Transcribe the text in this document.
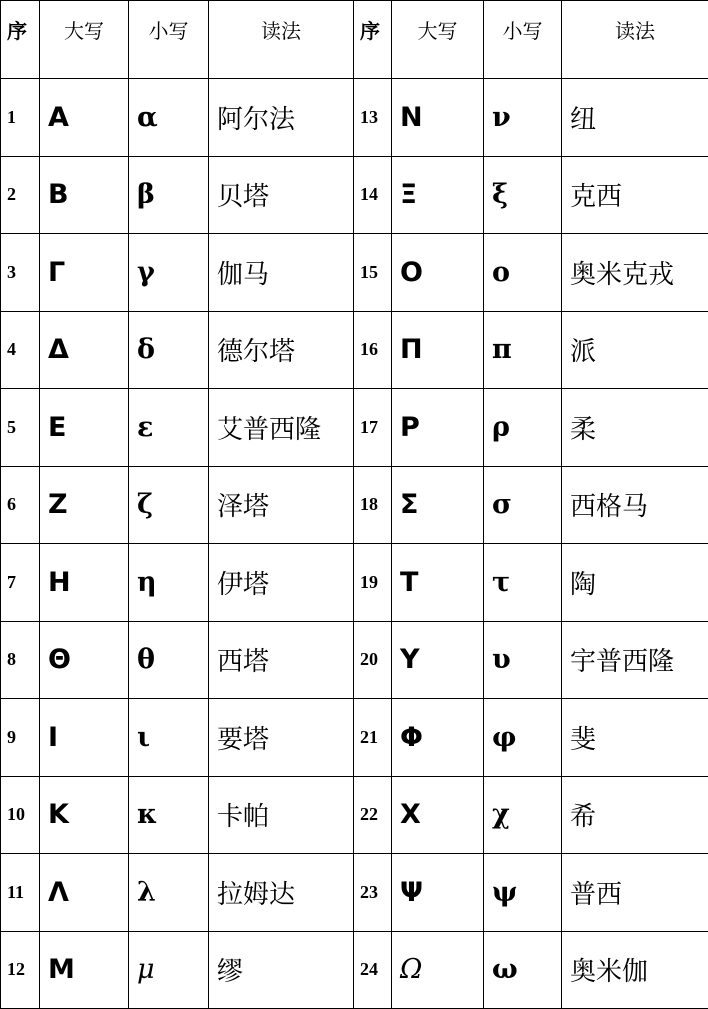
序	大写	小写	读法	序	大写	小写	读法
1	Α	α	阿尔法	13	Ν	ν	纽
2	Β	β	贝塔	14	Ξ	ξ	克西
3	Γ	γ	伽马	15	Ο	ο	奥米克戎
4	Δ	δ	德尔塔	16	Π	π	派
5	Ε	ε	艾普西隆	17	Ρ	ρ	柔
6	Ζ	ζ	泽塔	18	Σ	σ	西格马
7	Η	η	伊塔	19	Τ	τ	陶
8	Θ	θ	西塔	20	Υ	υ	宇普西隆
9	Ι	ι	要塔	21	Φ	φ	斐
10	Κ	κ	卡帕	22	Χ	χ	希
11	Λ	λ	拉姆达	23	Ψ	ψ	普西
12	Μ	μ	缪	24	Ω	ω	奥米伽
